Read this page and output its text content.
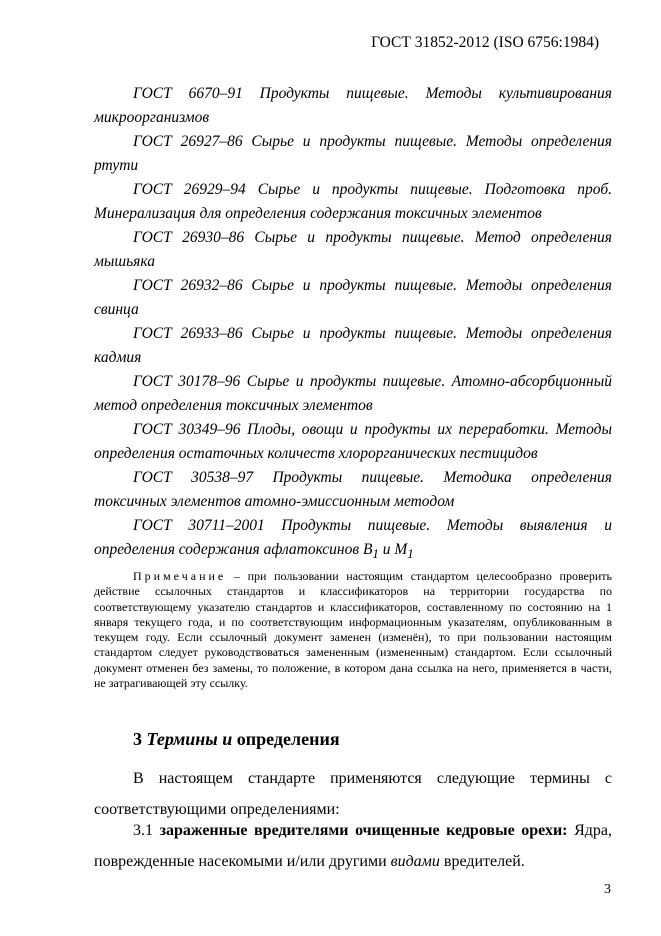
ГОСТ 31852-2012 (ISO 6756:1984)

ГОСТ 6670–91 Продукты пищевые. Методы культивирования
микроорганизмов

ГОСТ 26927–86 Сырье и продукты пищевые. Методы определения
ртути

ГОСТ 26929–94 Сырье и продукты пищевые. Подготовка проб.
Минерализация для определения содержания токсичных элементов

ГОСТ 26930–86 Сырье и продукты пищевые. Метод определения
мышьяка

ГОСТ 26932–86 Сырье и продукты пищевые. Методы определения
свинца

ГОСТ 26933–86 Сырье и продукты пищевые. Методы определения
кадмия

ГОСТ 30178–96 Сырье и продукты пищевые. Атомно-абсорбционный
метод определения токсичных элементов

ГОСТ 30349–96 Плоды, овощи и продукты их переработки. Методы
определения остаточных количеств хлорорганических пестицидов

ГОСТ 30538–97 Продукты пищевые. Методика определения
токсичных элементов атомно-эмиссионным методом

ГОСТ 30711–2001 Продукты пищевые. Методы выявления и
определения содержания афлатоксинов $В_1$ и $М_1$

Примечание – при пользовании настоящим стандартом целесообразно проверить действие ссылочных стандартов и классификаторов на территории государства по соответствующему указателю стандартов и классификаторов, составленному по состоянию на 1 января текущего года, и по соответствующим информационным указателям, опубликованным в текущем году. Если ссылочный документ заменен (изменён), то при пользовании настоящим стандартом следует руководствоваться замененным (измененным) стандартом. Если ссылочный документ отменен без замены, то положение, в котором дана ссылка на него, применяется в части, не затрагивающей эту ссылку.

3 Термины и определения

В настоящем стандарте применяются следующие термины с
соответствующими определениями:

3.1 зараженные вредителями очищенные кедровые орехи: Ядра,
поврежденные насекомыми и/или другими видами вредителей.

3
